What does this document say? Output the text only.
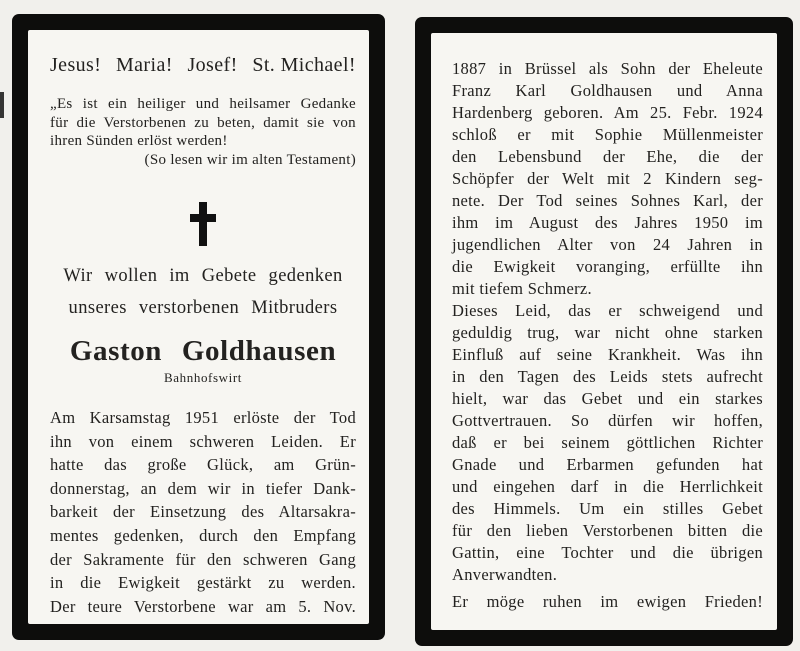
Jesus! Maria! Josef! St. Michael!
„Es ist ein heiliger und heilsamer Gedanke
für die Verstorbenen zu beten, damit sie von
ihren Sünden erlöst werden!
(So lesen wir im alten Testament)
Wir wollen im Gebete gedenken
unseres verstorbenen Mitbruders
Gaston Goldhausen
Bahnhofswirt
Am Karsamstag 1951 erlöste der Tod
ihn von einem schweren Leiden. Er
hatte das große Glück, am Grün-
donnerstag, an dem wir in tiefer Dank-
barkeit der Einsetzung des Altarsakra-
mentes gedenken, durch den Empfang
der Sakramente für den schweren Gang
in die Ewigkeit gestärkt zu werden.
Der teure Verstorbene war am 5. Nov.
1887 in Brüssel als Sohn der Eheleute
Franz Karl Goldhausen und Anna
Hardenberg geboren. Am 25. Febr. 1924
schloß er mit Sophie Müllenmeister
den Lebensbund der Ehe, die der
Schöpfer der Welt mit 2 Kindern seg-
nete. Der Tod seines Sohnes Karl, der
ihm im August des Jahres 1950 im
jugendlichen Alter von 24 Jahren in
die Ewigkeit voranging, erfüllte ihn
mit tiefem Schmerz.
Dieses Leid, das er schweigend und
geduldig trug, war nicht ohne starken
Einfluß auf seine Krankheit. Was ihn
in den Tagen des Leids stets aufrecht
hielt, war das Gebet und ein starkes
Gottvertrauen. So dürfen wir hoffen,
daß er bei seinem göttlichen Richter
Gnade und Erbarmen gefunden hat
und eingehen darf in die Herrlichkeit
des Himmels. Um ein stilles Gebet
für den lieben Verstorbenen bitten die
Gattin, eine Tochter und die übrigen
Anverwandten.
Er möge ruhen im ewigen Frieden!
